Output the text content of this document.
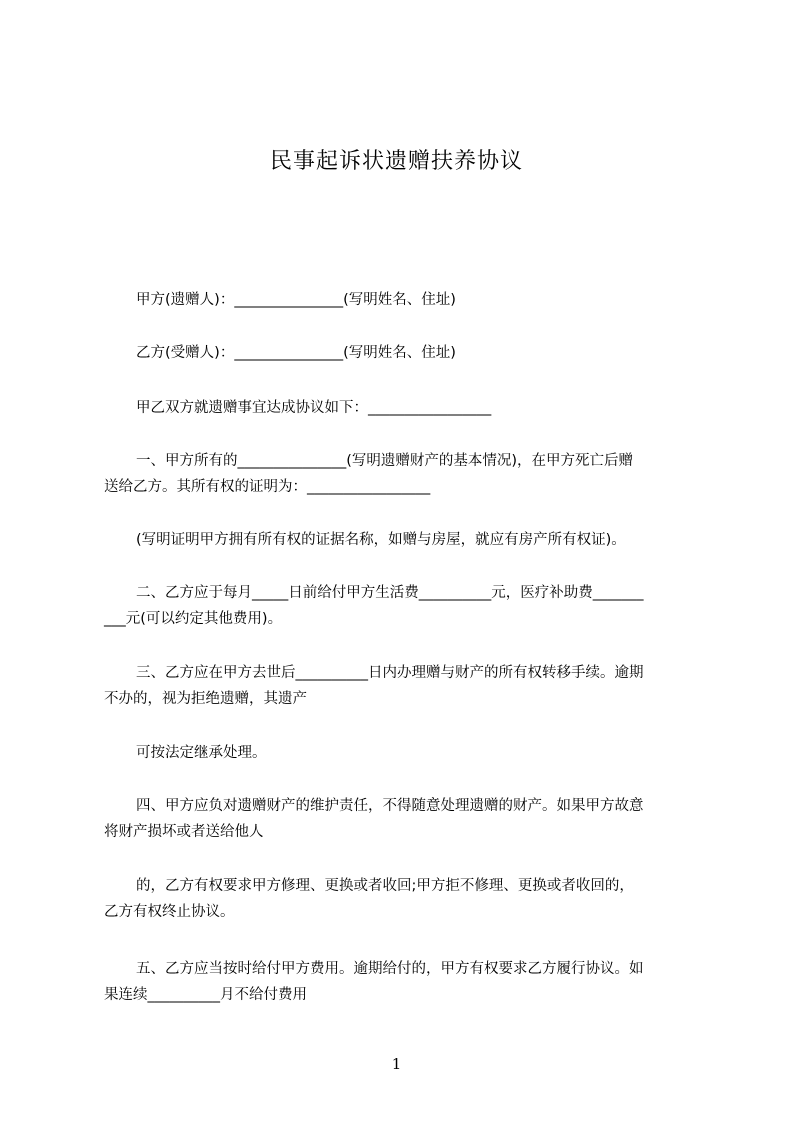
民事起诉状遗赠扶养协议
甲方(遗赠人)：_______________(写明姓名、住址)
乙方(受赠人)：_______________(写明姓名、住址)
甲乙双方就遗赠事宜达成协议如下：_________________
一、甲方所有的_______________(写明遗赠财产的基本情况)，在甲方死亡后赠
送给乙方。其所有权的证明为：_________________
(写明证明甲方拥有所有权的证据名称，如赠与房屋，就应有房产所有权证)。
二、乙方应于每月_____日前给付甲方生活费__________元，医疗补助费_______
___元(可以约定其他费用)。
三、乙方应在甲方去世后__________日内办理赠与财产的所有权转移手续。逾期
不办的，视为拒绝遗赠，其遗产
可按法定继承处理。
四、甲方应负对遗赠财产的维护责任，不得随意处理遗赠的财产。如果甲方故意
将财产损坏或者送给他人
的，乙方有权要求甲方修理、更换或者收回;甲方拒不修理、更换或者收回的，
乙方有权终止协议。
五、乙方应当按时给付甲方费用。逾期给付的，甲方有权要求乙方履行协议。如
果连续__________月不给付费用
1
